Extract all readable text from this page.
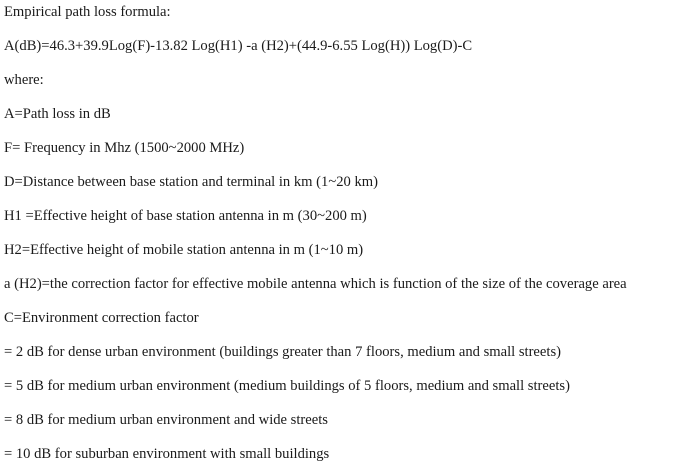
Empirical path loss formula:
A(dB)=46.3+39.9Log(F)-13.82 Log(H1) -a (H2)+(44.9-6.55 Log(H)) Log(D)-C
where:
A=Path loss in dB
F= Frequency in Mhz (1500~2000 MHz)
D=Distance between base station and terminal in km (1~20 km)
H1 =Effective height of base station antenna in m (30~200 m)
H2=Effective height of mobile station antenna in m (1~10 m)
a (H2)=the correction factor for effective mobile antenna which is function of the size of the coverage area
C=Environment correction factor
= 2 dB for dense urban environment (buildings greater than 7 floors, medium and small streets)
= 5 dB for medium urban environment (medium buildings of 5 floors, medium and small streets)
= 8 dB for medium urban environment and wide streets
= 10 dB for suburban environment with small buildings
